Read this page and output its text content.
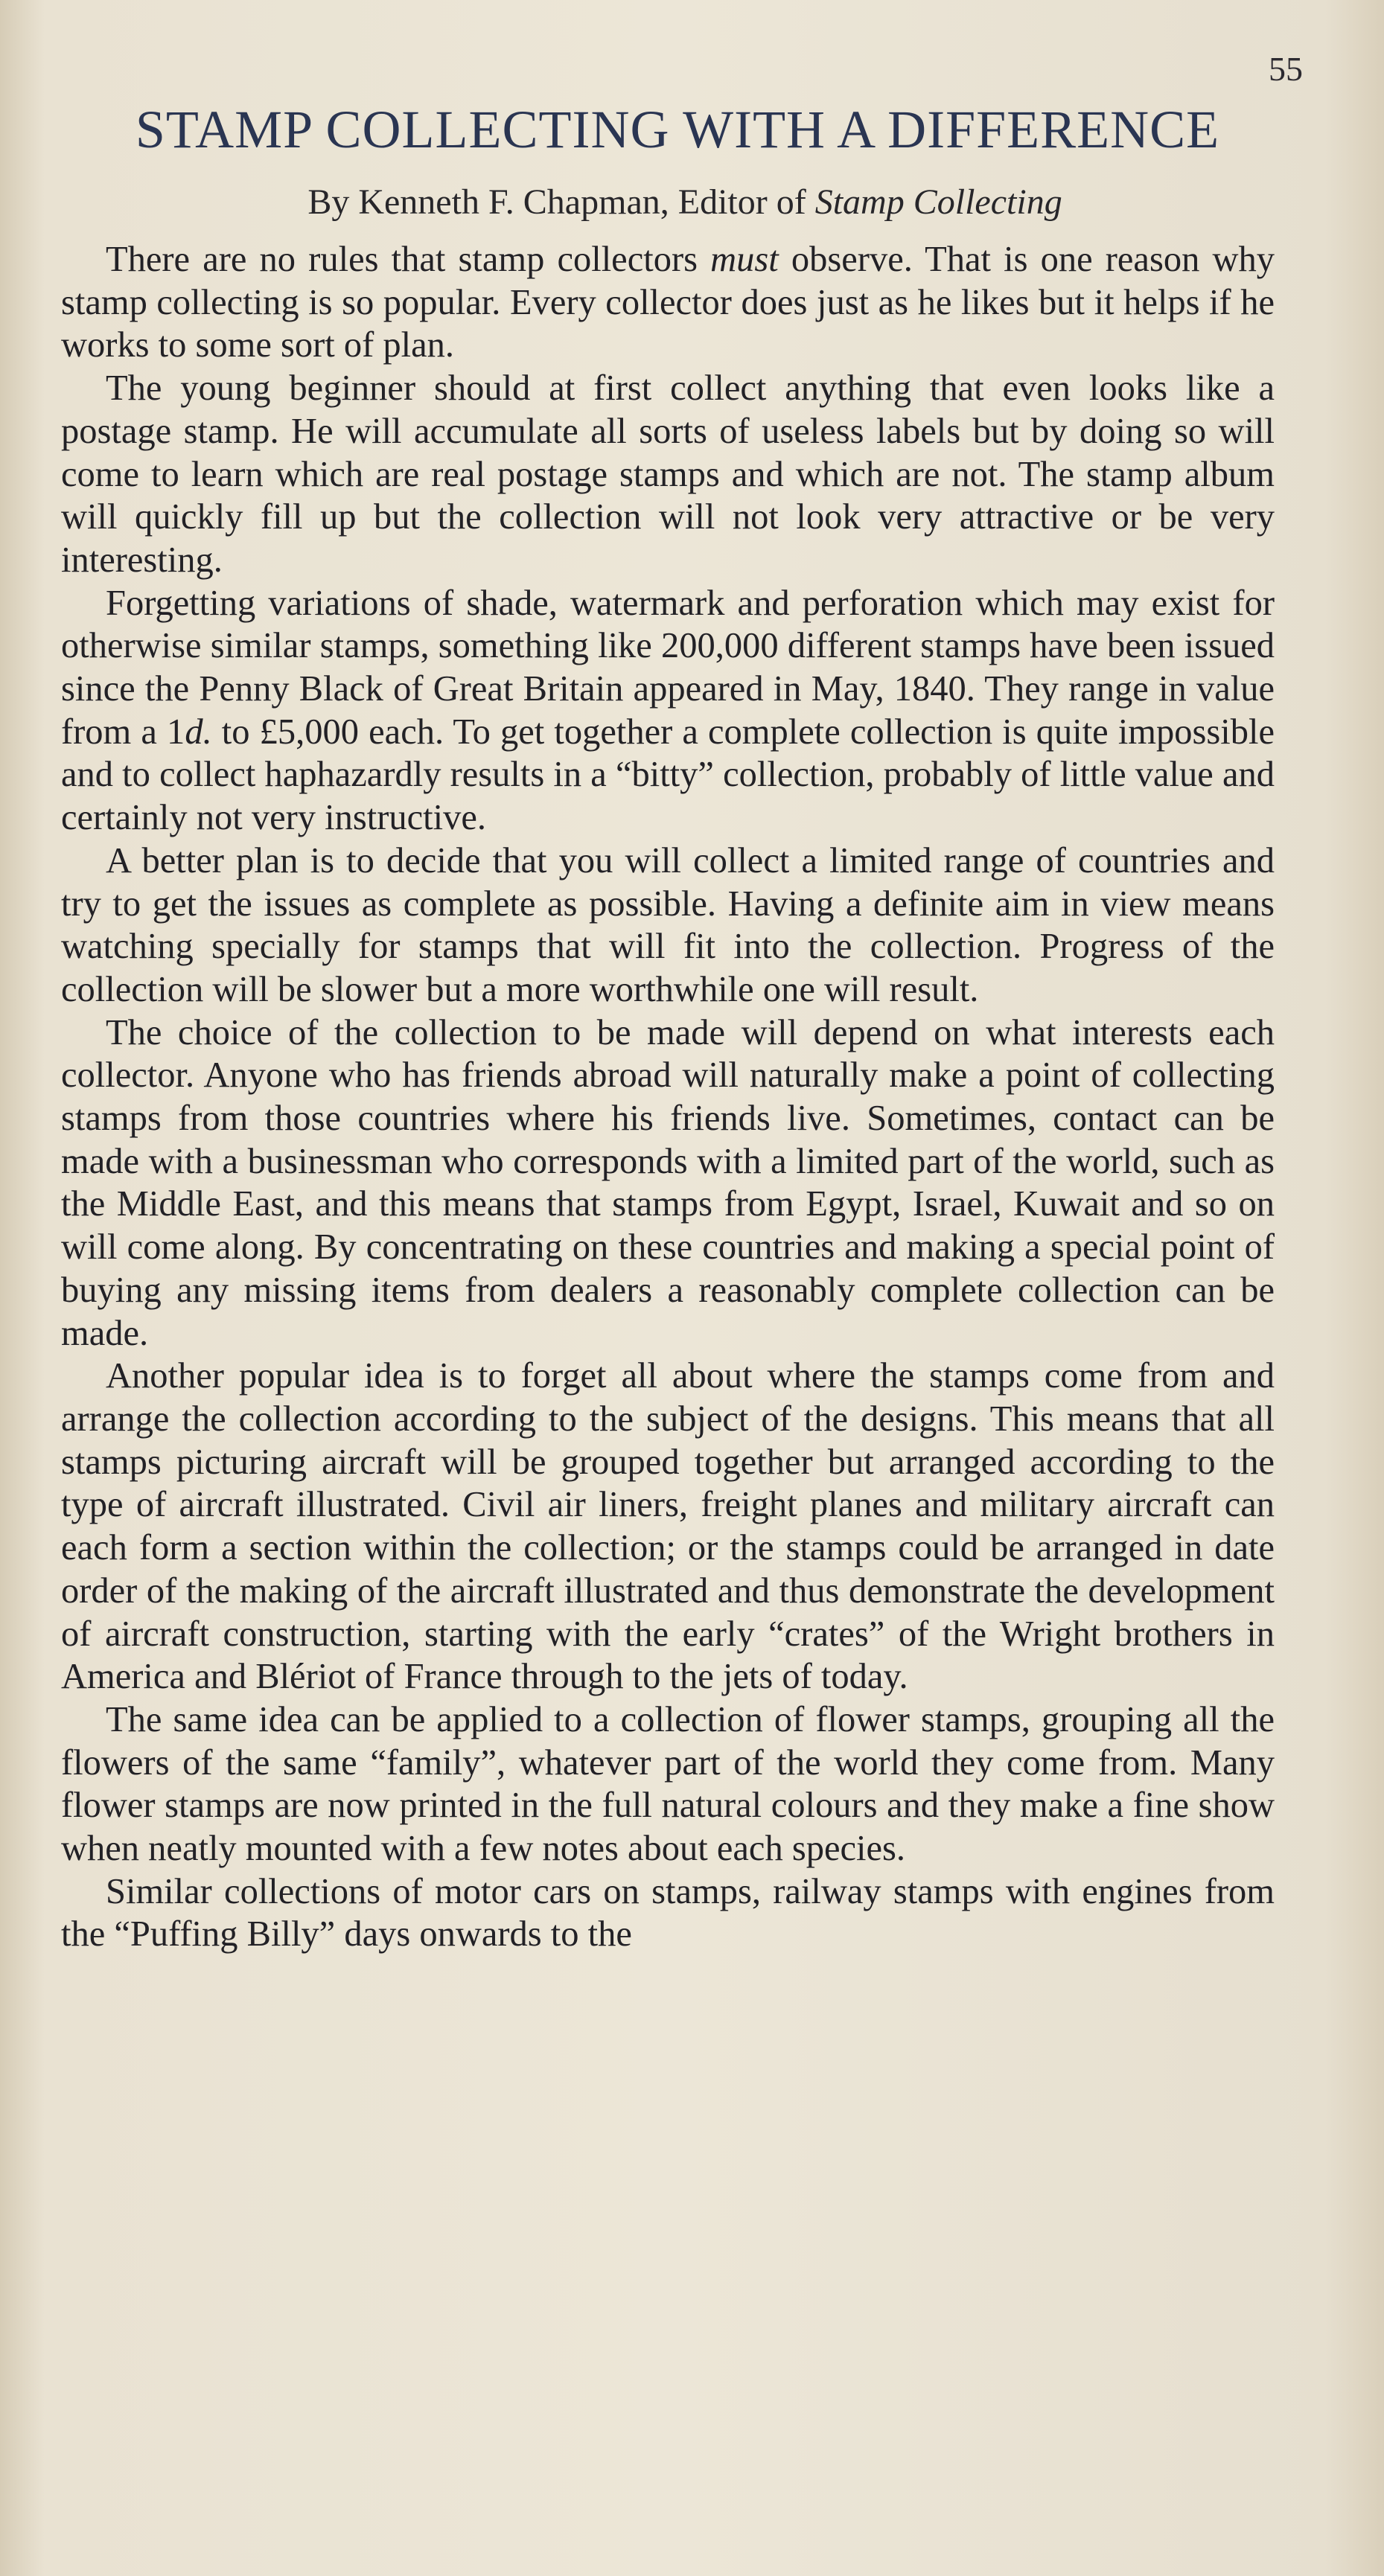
55
STAMP COLLECTING WITH A DIFFERENCE
By Kenneth F. Chapman, Editor of Stamp Collecting

There are no rules that stamp collectors must observe. That is one reason why stamp collecting is so popular. Every collector does just as he likes but it helps if he works to some sort of plan.

The young beginner should at first collect anything that even looks like a postage stamp. He will accumulate all sorts of useless labels but by doing so will come to learn which are real postage stamps and which are not. The stamp album will quickly fill up but the collection will not look very attractive or be very interesting.

Forgetting variations of shade, watermark and perforation which may exist for otherwise similar stamps, something like 200,000 different stamps have been issued since the Penny Black of Great Britain appeared in May, 1840. They range in value from a 1d. to £5,000 each. To get together a complete collection is quite impossible and to collect haphazardly results in a “bitty” collection, probably of little value and certainly not very instructive.

A better plan is to decide that you will collect a limited range of countries and try to get the issues as complete as possible. Having a definite aim in view means watching specially for stamps that will fit into the collection. Progress of the collection will be slower but a more worthwhile one will result.

The choice of the collection to be made will depend on what interests each collector. Anyone who has friends abroad will naturally make a point of collecting stamps from those countries where his friends live. Sometimes, contact can be made with a businessman who corresponds with a limited part of the world, such as the Middle East, and this means that stamps from Egypt, Israel, Kuwait and so on will come along. By concentrating on these countries and making a special point of buying any missing items from dealers a reasonably complete collection can be made.

Another popular idea is to forget all about where the stamps come from and arrange the collection according to the subject of the designs. This means that all stamps picturing aircraft will be grouped together but arranged according to the type of aircraft illustrated. Civil air liners, freight planes and military aircraft can each form a section within the collection; or the stamps could be arranged in date order of the making of the aircraft illustrated and thus demonstrate the development of aircraft construction, starting with the early “crates” of the Wright brothers in America and Blériot of France through to the jets of today.

The same idea can be applied to a collection of flower stamps, grouping all the flowers of the same “family”, whatever part of the world they come from. Many flower stamps are now printed in the full natural colours and they make a fine show when neatly mounted with a few notes about each species.

Similar collections of motor cars on stamps, railway stamps with engines from the “Puffing Billy” days onwards to the
